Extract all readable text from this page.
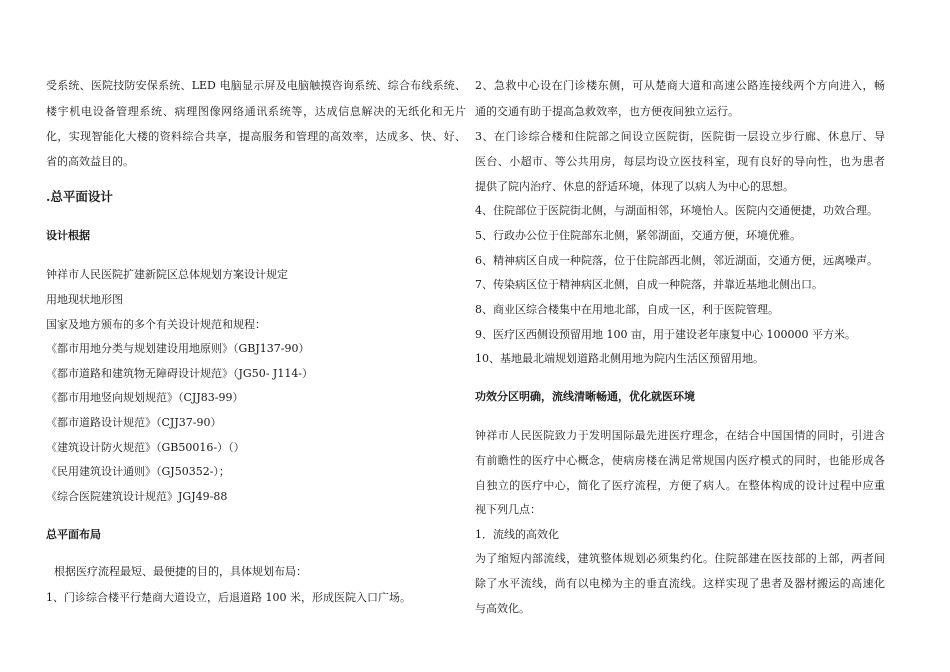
受系统、医院技防安保系统、LED 电脑显示屏及电脑触摸咨询系统、综合布线系统、
楼宇机电设备管理系统、病理图像网络通讯系统等，达成信息解决的无纸化和无片
化，实现智能化大楼的资料综合共享，提高服务和管理的高效率，达成多、快、好、
省的高效益目的。
.总平面设计
设计根据
钟祥市人民医院扩建新院区总体规划方案设计规定
用地现状地形图
国家及地方颁布的多个有关设计规范和规程：
《都市用地分类与规划建设用地原则》（GBJ137-90）
《都市道路和建筑物无障碍设计规范》（JG50- J114-）
《都市用地竖向规划规范》（CJJ83-99）
《都市道路设计规范》（CJJ37-90）
《建筑设计防火规范》（GB50016-）（）
《民用建筑设计通则》（GJ50352-）；
《综合医院建筑设计规范》JGJ49-88
总平面布局
根据医疗流程最短、最便捷的目的，具体规划布局：
1、门诊综合楼平行楚商大道设立，后退道路 100 米，形成医院入口广场。
2、急救中心设在门诊楼东侧，可从楚商大道和高速公路连接线两个方向进入，畅
通的交通有助于提高急救效率，也方便夜间独立运行。
3、在门诊综合楼和住院部之间设立医院街，医院街一层设立步行廊、休息厅、导
医台、小超市、等公共用房，每层均设立医技科室，现有良好的导向性，也为患者
提供了院内治疗、休息的舒适环境，体现了以病人为中心的思想。
4、住院部位于医院街北侧，与湖面相邻，环境怡人。医院内交通便捷，功效合理。
5、行政办公位于住院部东北侧，紧邻湖面，交通方便，环境优雅。
6、精神病区自成一种院落，位于住院部西北侧，邻近湖面，交通方便，远离噪声。
7、传染病区位于精神病区北侧，自成一种院落，并靠近基地北侧出口。
8、商业区综合楼集中在用地北部，自成一区，利于医院管理。
9、医疗区西侧设预留用地 100 亩，用于建设老年康复中心 100000 平方米。
10、基地最北端规划道路北侧用地为院内生活区预留用地。
功效分区明确，流线清晰畅通，优化就医环境
钟祥市人民医院致力于发明国际最先进医疗理念，在结合中国国情的同时，引进含
有前瞻性的医疗中心概念，使病房楼在满足常规国内医疗模式的同时，也能形成各
自独立的医疗中心，简化了医疗流程，方便了病人。在整体构成的设计过程中应重
视下列几点：
1．流线的高效化
为了缩短内部流线，建筑整体规划必须集约化。住院部建在医技部的上部，两者间
除了水平流线，尚有以电梯为主的垂直流线。这样实现了患者及器材搬运的高速化
与高效化。
